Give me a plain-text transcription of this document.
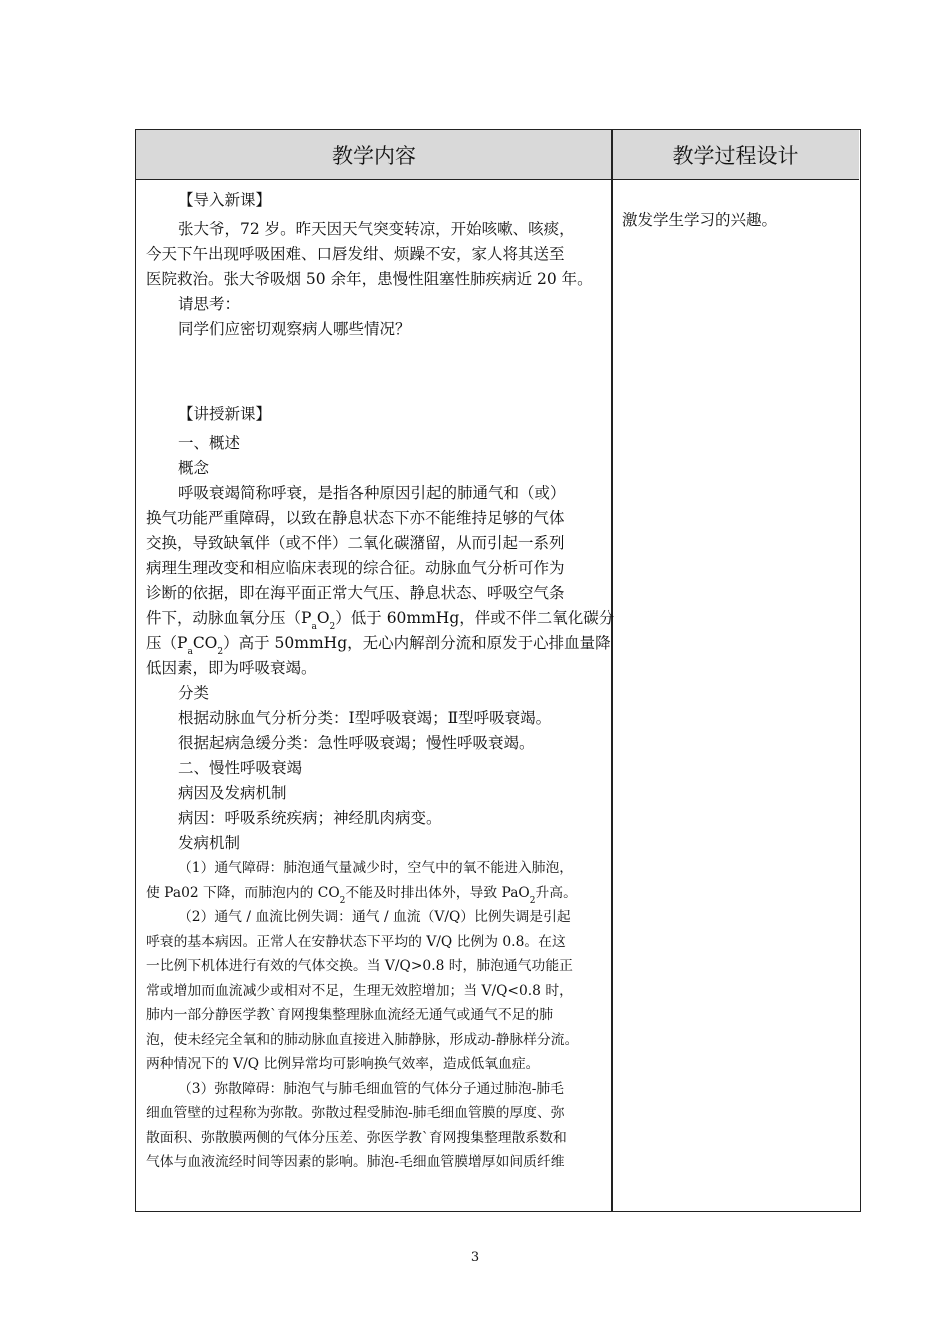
教学内容	教学过程设计
【导入新课】
张大爷，72 岁。昨天因天气突变转凉，开始咳嗽、咳痰，
今天下午出现呼吸困难、口唇发绀、烦躁不安，家人将其送至
医院救治。张大爷吸烟 50 余年，患慢性阻塞性肺疾病近 20 年。
请思考：
同学们应密切观察病人哪些情况？
【讲授新课】
一、概述
概念
呼吸衰竭简称呼衰，是指各种原因引起的肺通气和（或）
换气功能严重障碍，以致在静息状态下亦不能维持足够的气体
交换，导致缺氧伴（或不伴）二氧化碳潴留，从而引起一系列
病理生理改变和相应临床表现的综合征。动脉血气分析可作为
诊断的依据，即在海平面正常大气压、静息状态、呼吸空气条
件下，动脉血氧分压$(P_aO_2)$低于 60mmHg，伴或不伴二氧化碳分
压$(P_aCO_2)$高于 50mmHg，无心内解剖分流和原发于心排血量降
低因素，即为呼吸衰竭。
分类
根据动脉血气分析分类：Ⅰ型呼吸衰竭；Ⅱ型呼吸衰竭。
很据起病急缓分类：急性呼吸衰竭；慢性呼吸衰竭。
二、慢性呼吸衰竭
病因及发病机制
病因：呼吸系统疾病；神经肌肉病变。
发病机制
（1）通气障碍：肺泡通气量减少时，空气中的氧不能进入肺泡，
使 Pa02 下降，而肺泡内的 $CO_2$不能及时排出体外，导致 PaO$_2$升高。
（2）通气 / 血流比例失调：通气 / 血流（V/Q）比例失调是引起
呼衰的基本病因。正常人在安静状态下平均的 V/Q 比例为 0.8。在这
一比例下机体进行有效的气体交换。当 V/Q>0.8 时，肺泡通气功能正
常或增加而血流减少或相对不足，生理无效腔增加；当 V/Q<0.8 时，
肺内一部分静医学教`育网搜集整理脉血流经无通气或通气不足的肺
泡，使未经完全氧和的肺动脉血直接进入肺静脉，形成动-静脉样分流。
两种情况下的 V/Q 比例异常均可影响换气效率，造成低氧血症。
（3）弥散障碍：肺泡气与肺毛细血管的气体分子通过肺泡-肺毛
细血管壁的过程称为弥散。弥散过程受肺泡-肺毛细血管膜的厚度、弥
散面积、弥散膜两侧的气体分压差、弥医学教`育网搜集整理散系数和
气体与血液流经时间等因素的影响。肺泡-毛细血管膜增厚如间质纤维
激发学生学习的兴趣。
3
